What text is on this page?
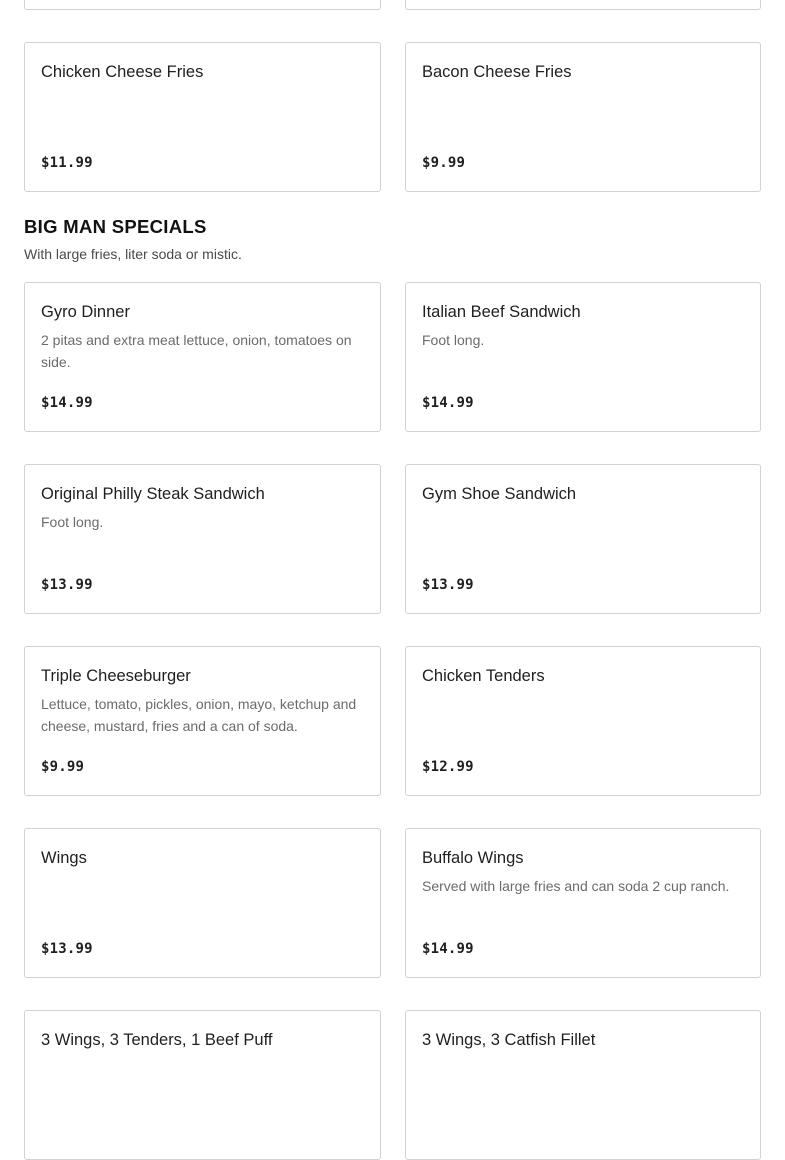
Chicken Cheese Fries
$11.99
Bacon Cheese Fries
$9.99
BIG MAN SPECIALS
With large fries, liter soda or mistic.
Gyro Dinner
2 pitas and extra meat lettuce, onion, tomatoes on side.
$14.99
Italian Beef Sandwich
Foot long.
$14.99
Original Philly Steak Sandwich
Foot long.
$13.99
Gym Shoe Sandwich
$13.99
Triple Cheeseburger
Lettuce, tomato, pickles, onion, mayo, ketchup and cheese, mustard, fries and a can of soda.
$9.99
Chicken Tenders
$12.99
Wings
$13.99
Buffalo Wings
Served with large fries and can soda 2 cup ranch.
$14.99
3 Wings, 3 Tenders, 1 Beef Puff	3 Wings, 3 Catfish Fillet
